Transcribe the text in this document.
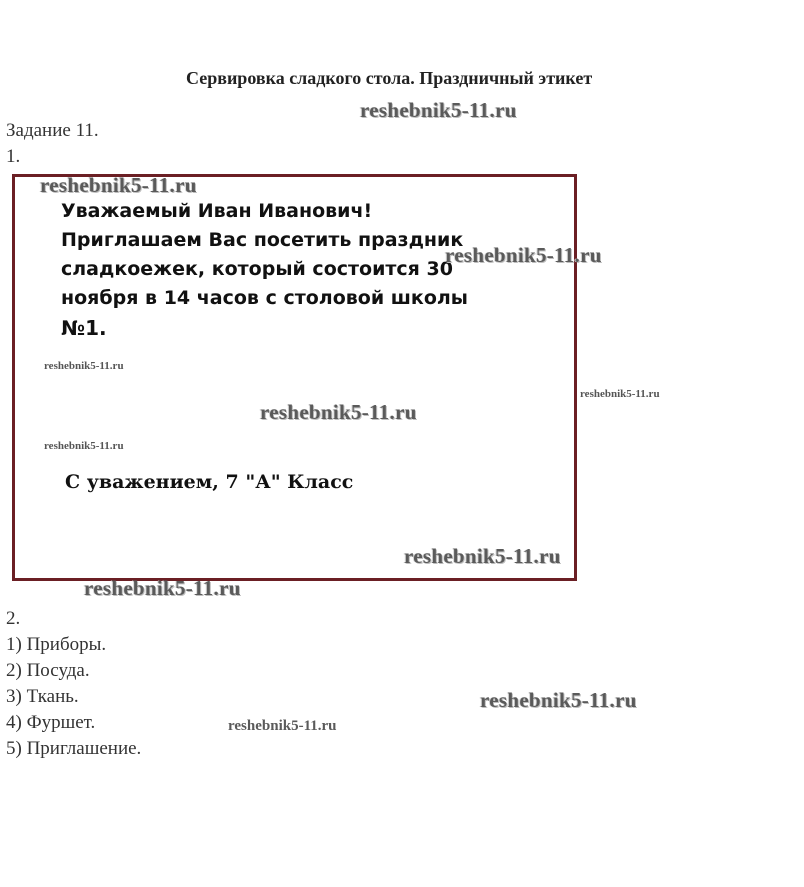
Сервировка сладкого стола. Праздничный этикет
Задание 11.
1.
Уважаемый Иван Иванович!
Приглашаем Вас посетить праздник
сладкоежек, который состоится 30
ноября в 14 часов с столовой школы
№1.
С уважением, 7 "А" Класс
2.
1) Приборы.
2) Посуда.
3) Ткань.
4) Фуршет.
5) Приглашение.
reshebnik5-11.ru
reshebnik5-11.ru
reshebnik5-11.ru
reshebnik5-11.ru
reshebnik5-11.ru
reshebnik5-11.ru
reshebnik5-11.ru
reshebnik5-11.ru
reshebnik5-11.ru
reshebnik5-11.ru
reshebnik5-11.ru
